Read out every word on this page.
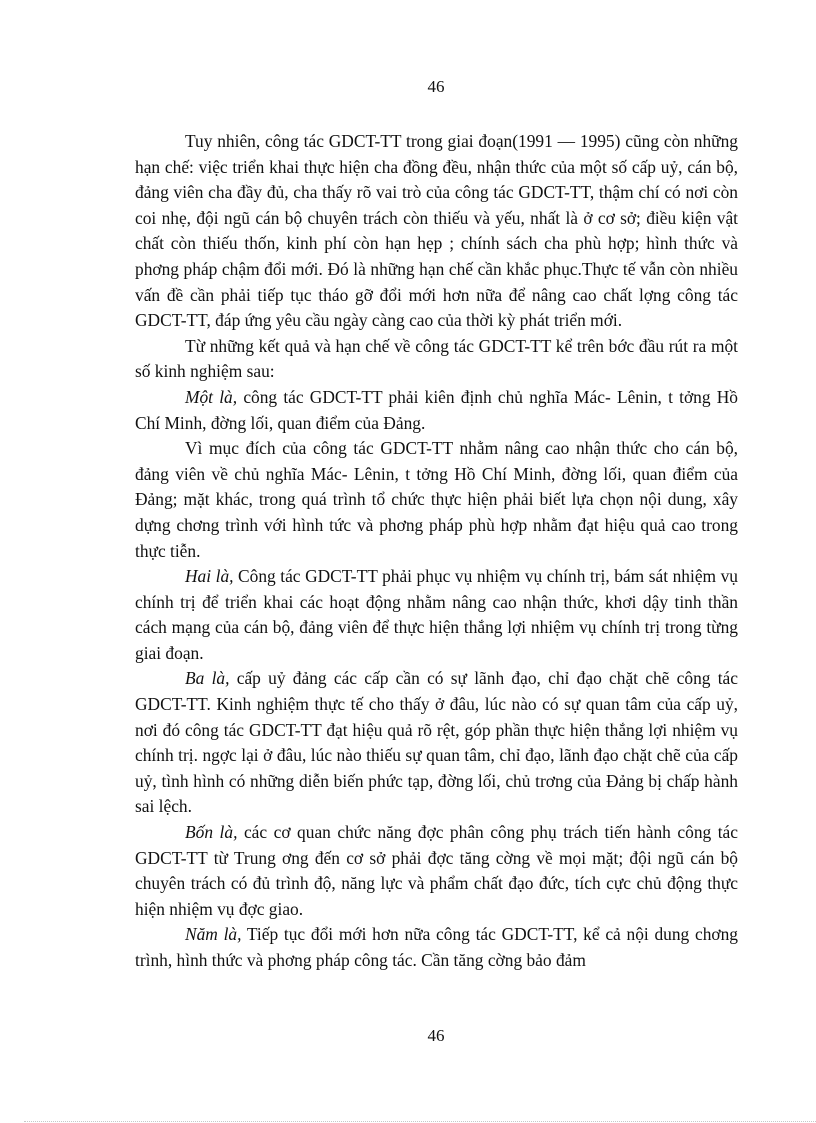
46

Tuy nhiên, công tác GDCT-TT trong giai đoạn(1991 — 1995) cũng còn những hạn chế: việc triển khai thực hiện cha đồng đều, nhận thức của một số cấp uỷ, cán bộ, đảng viên cha đầy đủ, cha thấy rõ vai trò của công tác GDCT-TT, thậm chí có nơi còn coi nhẹ, đội ngũ cán bộ chuyên trách còn thiếu và yếu, nhất là ở cơ sở; điều kiện vật chất còn thiếu thốn, kinh phí còn hạn hẹp ; chính sách cha phù hợp; hình thức và phơng pháp chậm đổi mới. Đó là những hạn chế cần khắc phục.Thực tế vẫn còn nhiều vấn đề cần phải tiếp tục tháo gỡ đổi mới hơn nữa để nâng cao chất lợng công tác GDCT-TT, đáp ứng yêu cầu ngày càng cao của thời kỳ phát triển mới.

Từ những kết quả và hạn chế về công tác GDCT-TT kể trên bớc đầu rút ra một số kinh nghiệm sau:

Một là, công tác GDCT-TT phải kiên định chủ nghĩa Mác- Lênin, t tởng Hồ Chí Minh, đờng lối, quan điểm của Đảng.

Vì mục đích của công tác GDCT-TT nhằm nâng cao nhận thức cho cán bộ, đảng viên về chủ nghĩa Mác- Lênin, t tởng Hồ Chí Minh, đờng lối, quan điểm của Đảng; mặt khác, trong quá trình tổ chức thực hiện phải biết lựa chọn nội dung, xây dựng chơng trình với hình tức và phơng pháp phù hợp nhằm đạt hiệu quả cao trong thực tiễn.

Hai là, Công tác GDCT-TT phải phục vụ nhiệm vụ chính trị, bám sát nhiệm vụ chính trị để triển khai các hoạt động nhằm nâng cao nhận thức, khơi dậy tinh thần cách mạng của cán bộ, đảng viên để thực hiện thắng lợi nhiệm vụ chính trị trong từng giai đoạn.

Ba là, cấp uỷ đảng các cấp cần có sự lãnh đạo, chỉ đạo chặt chẽ công tác GDCT-TT. Kinh nghiệm thực tế cho thấy ở đâu, lúc nào có sự quan tâm của cấp uỷ, nơi đó công tác GDCT-TT đạt hiệu quả rõ rệt, góp phần thực hiện thắng lợi nhiệm vụ chính trị. ngợc lại ở đâu, lúc nào thiếu sự quan tâm, chỉ đạo, lãnh đạo chặt chẽ của cấp uỷ, tình hình có những diễn biến phức tạp, đờng lối, chủ trơng của Đảng bị chấp hành sai lệch.

Bốn là, các cơ quan chức năng đợc phân công phụ trách tiến hành công tác GDCT-TT từ Trung ơng đến cơ sở phải đợc tăng cờng về mọi mặt; đội ngũ cán bộ chuyên trách có đủ trình độ, năng lực và phẩm chất đạo đức, tích cực chủ động thực hiện nhiệm vụ đợc giao.

Năm là, Tiếp tục đổi mới hơn nữa công tác GDCT-TT, kể cả nội dung chơng trình, hình thức và phơng pháp công tác. Cần tăng cờng bảo đảm

46
